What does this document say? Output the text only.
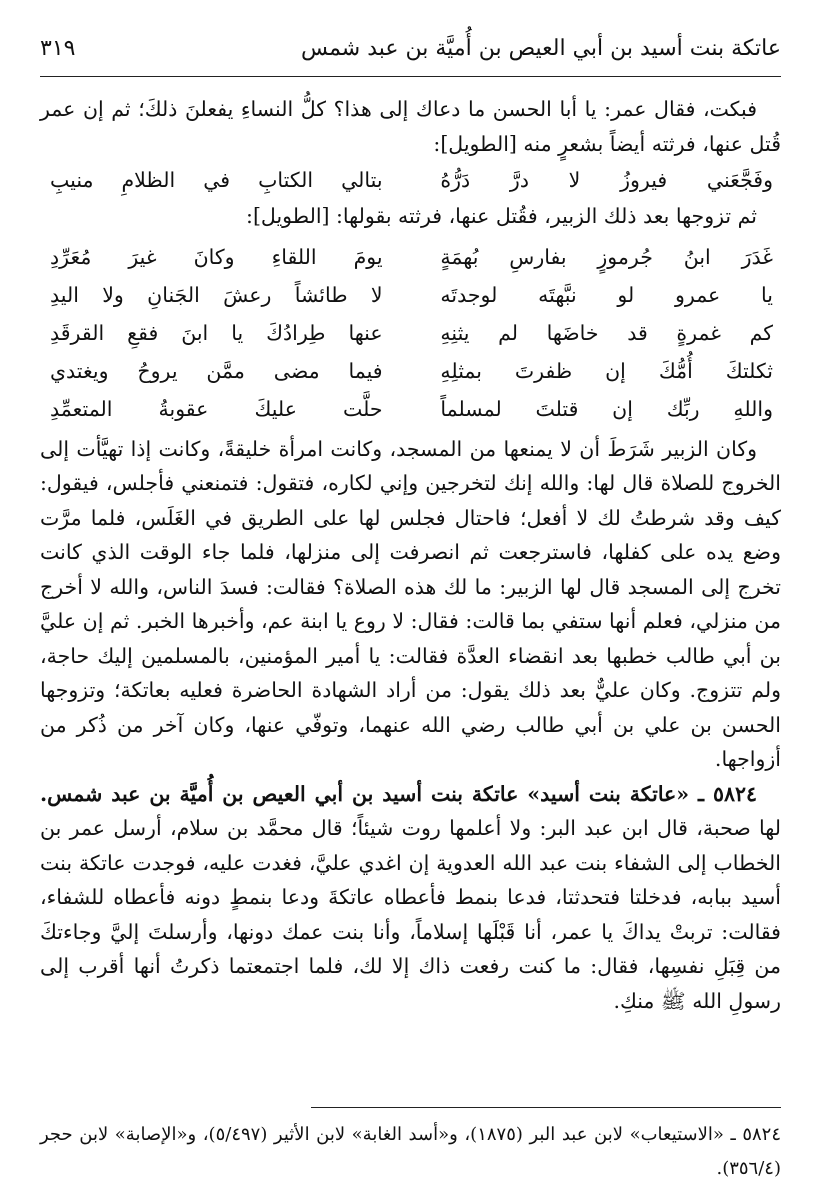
عاتكة بنت أسيد بن أبي العيص بن أُميَّة بن عبد شمس
٣١٩

فبكت، فقال عمر: يا أبا الحسن ما دعاك إلى هذا؟ كلُّ النساءِ يفعلنَ ذلكَ؛ ثم إن عمر قُتل عنها، فرثته أيضاً بشعرٍ منه [الطويل]:

وفَجَّعَني فيروزُ لا درَّ دَرُّهُ
بتالي الكتابِ في الظلامِ منيبِ

ثم تزوجها بعد ذلك الزبير، فقُتل عنها، فرثته بقولها: [الطويل]:

غَدَرَ ابنُ جُرموزٍ بفارسِ بُهمَةٍ
يومَ اللقاءِ وكانَ غيرَ مُعَرِّدِ
يا عمرو لو نبَّهتَه لوجدتَه
لا طائشاً رعشَ الجَنانِ ولا اليدِ
كم غمرةٍ قد خاضَها لم يثنِهِ
عنها طِرادُكَ يا ابنَ فقعِ القرقَدِ
ثكلتكَ أُمُّكَ إن ظفرتَ بمثلِهِ
فيما مضى ممَّن يروحُ ويغتدي
واللهِ ربِّك إن قتلتَ لمسلماً
حلَّت عليكَ عقوبةُ المتعمِّدِ

وكان الزبير شَرَطَ أن لا يمنعها من المسجد، وكانت امرأة خليقةً، وكانت إذا تهيَّأت إلى الخروج للصلاة قال لها: والله إنك لتخرجين وإني لكاره، فتقول: فتمنعني فأجلس، فيقول: كيف وقد شرطتُ لك لا أفعل؛ فاحتال فجلس لها على الطريق في الغَلَس، فلما مرَّت وضع يده على كفلها، فاسترجعت ثم انصرفت إلى منزلها، فلما جاء الوقت الذي كانت تخرج إلى المسجد قال لها الزبير: ما لك هذه الصلاة؟ فقالت: فسدَ الناس، والله لا أخرج من منزلي، فعلم أنها ستفي بما قالت: فقال: لا روع يا ابنة عم، وأخبرها الخبر. ثم إن عليَّ بن أبي طالب خطبها بعد انقضاء العدَّة فقالت: يا أمير المؤمنين، بالمسلمين إليك حاجة، ولم تتزوج. وكان عليٌّ بعد ذلك يقول: من أراد الشهادة الحاضرة فعليه بعاتكة؛ وتزوجها الحسن بن علي بن أبي طالب رضي الله عنهما، وتوفّي عنها، وكان آخر من ذُكر من أزواجها.

٥٨٢٤ ـ «عاتكة بنت أسيد» عاتكة بنت أسيد بن أبي العيص بن أُميَّة بن عبد شمس. لها صحبة، قال ابن عبد البر: ولا أعلمها روت شيئاً؛ قال محمَّد بن سلام، أرسل عمر بن الخطاب إلى الشفاء بنت عبد الله العدوية إن اغدي عليَّ، فغدت عليه، فوجدت عاتكة بنت أسيد ببابه، فدخلتا فتحدثتا، فدعا بنمط فأعطاه عاتكةَ ودعا بنمطٍ دونه فأعطاه للشفاء، فقالت: تربتْ يداكَ يا عمر، أنا قَبْلَها إسلاماً، وأنا بنت عمك دونها، وأرسلتَ إليَّ وجاءتكَ من قِبَلِ نفسِها، فقال: ما كنت رفعت ذاك إلا لك، فلما اجتمعتما ذكرتُ أنها أقرب إلى رسولِ الله ﷺ منكِ.

٥٨٢٤ ـ «الاستيعاب» لابن عبد البر (١٨٧٥)، و«أسد الغابة» لابن الأثير (٥/٤٩٧)، و«الإصابة» لابن حجر (٣٥٦/٤).
